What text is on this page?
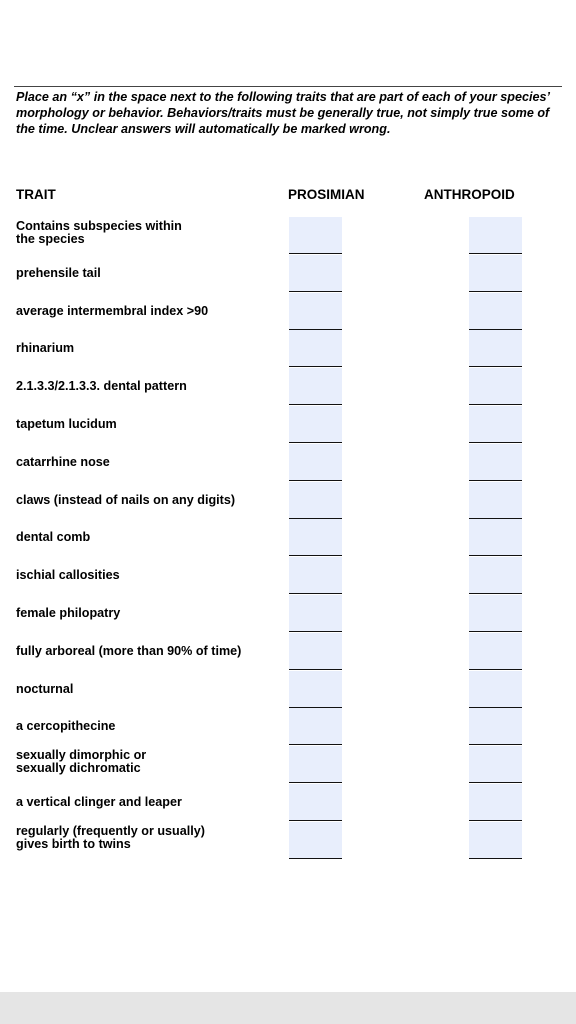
Place an “x” in the space next to the following traits that are part of each of your species’ morphology or behavior. Behaviors/traits must be generally true, not simply true some of the time. Unclear answers will automatically be marked wrong.
TRAIT	PROSIMIAN	ANTHROPOID
Contains subspecies within
the species
prehensile tail
average intermembral index >90
rhinarium
2.1.3.3/2.1.3.3. dental pattern
tapetum lucidum
catarrhine nose
claws (instead of nails on any digits)
dental comb
ischial callosities
female philopatry
fully arboreal (more than 90% of time)
nocturnal
a cercopithecine
sexually dimorphic or
sexually dichromatic
a vertical clinger and leaper
regularly (frequently or usually)
gives birth to twins
